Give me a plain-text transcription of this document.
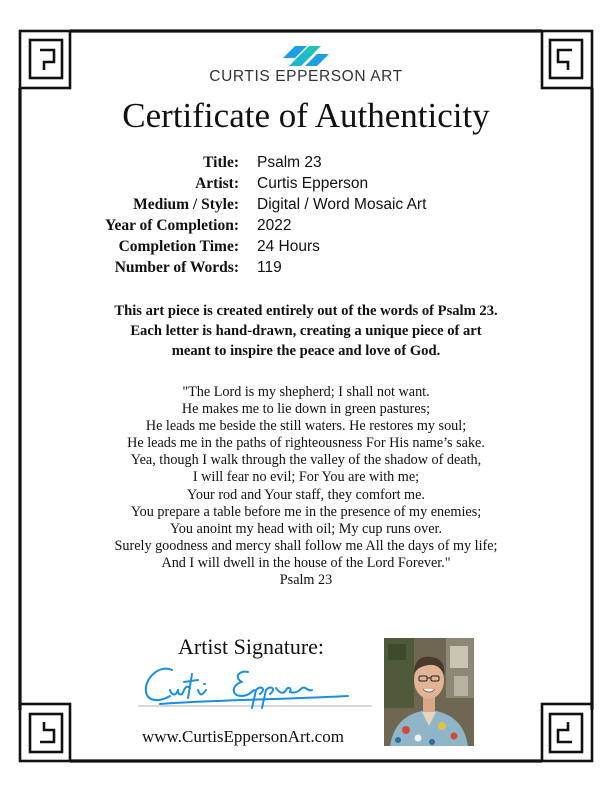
CURTIS EPPERSON ART
Certificate of Authenticity
Title: Psalm 23
Artist: Curtis Epperson
Medium / Style: Digital / Word Mosaic Art
Year of Completion: 2022
Completion Time: 24 Hours
Number of Words: 119
This art piece is created entirely out of the words of Psalm 23.
Each letter is hand-drawn, creating a unique piece of art
meant to inspire the peace and love of God.
"The Lord is my shepherd; I shall not want.
He makes me to lie down in green pastures;
He leads me beside the still waters. He restores my soul;
He leads me in the paths of righteousness For His name’s sake.
Yea, though I walk through the valley of the shadow of death,
I will fear no evil; For You are with me;
Your rod and Your staff, they comfort me.
You prepare a table before me in the presence of my enemies;
You anoint my head with oil; My cup runs over.
Surely goodness and mercy shall follow me All the days of my life;
And I will dwell in the house of the Lord Forever."
Psalm 23
Artist Signature:
www.CurtisEppersonArt.com
